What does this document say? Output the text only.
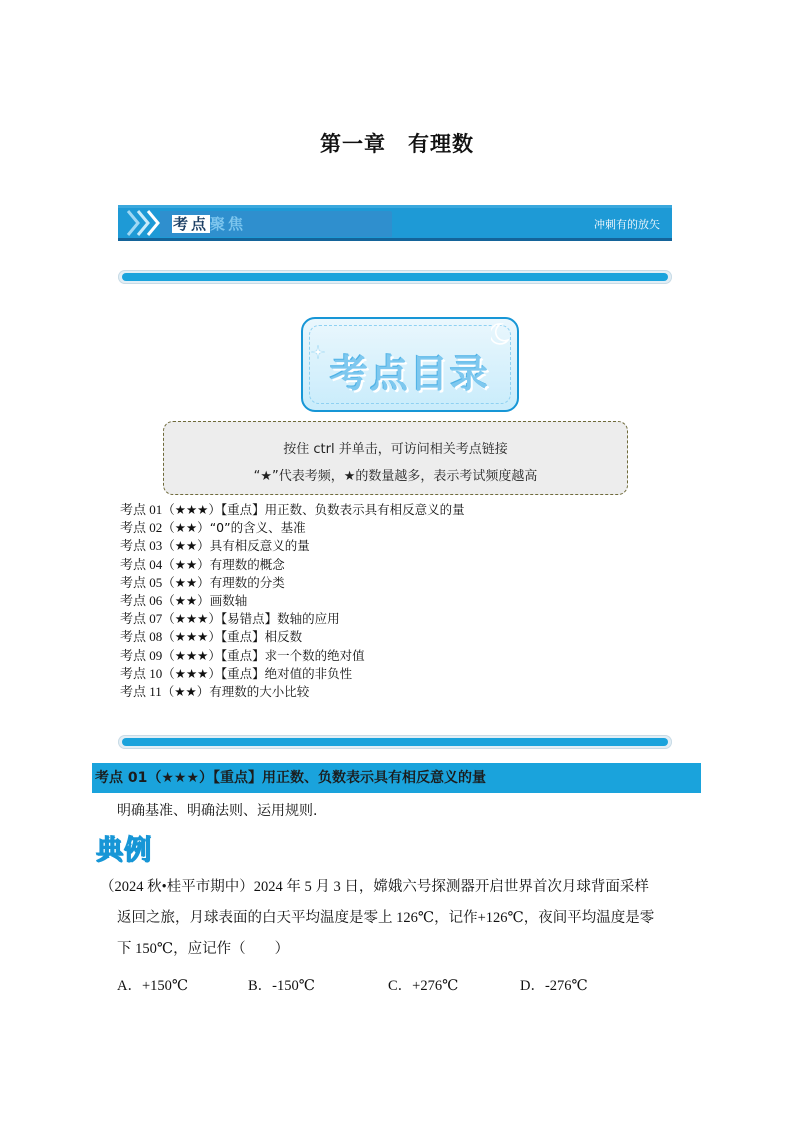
第一章　有理数
考点聚焦	冲刺有的放矢
考点目录
按住 ctrl 并单击，可访问相关考点链接
“★”代表考频，★的数量越多，表示考试频度越高
考点 01（★★★）【重点】用正数、负数表示具有相反意义的量
考点 02（★★）“0”的含义、基准
考点 03（★★）具有相反意义的量
考点 04（★★）有理数的概念
考点 05（★★）有理数的分类
考点 06（★★）画数轴
考点 07（★★★）【易错点】数轴的应用
考点 08（★★★）【重点】相反数
考点 09（★★★）【重点】求一个数的绝对值
考点 10（★★★）【重点】绝对值的非负性
考点 11（★★）有理数的大小比较
考点 01（★★★）【重点】用正数、负数表示具有相反意义的量
明确基准、明确法则、运用规则.
典例
（2024 秋•桂平市期中）2024 年 5 月 3 日，嫦娥六号探测器开启世界首次月球背面采样
返回之旅，月球表面的白天平均温度是零上 126℃，记作+126℃，夜间平均温度是零
下 150℃，应记作（　　）
A．+150℃	B．-150℃	C．+276℃	D．-276℃
